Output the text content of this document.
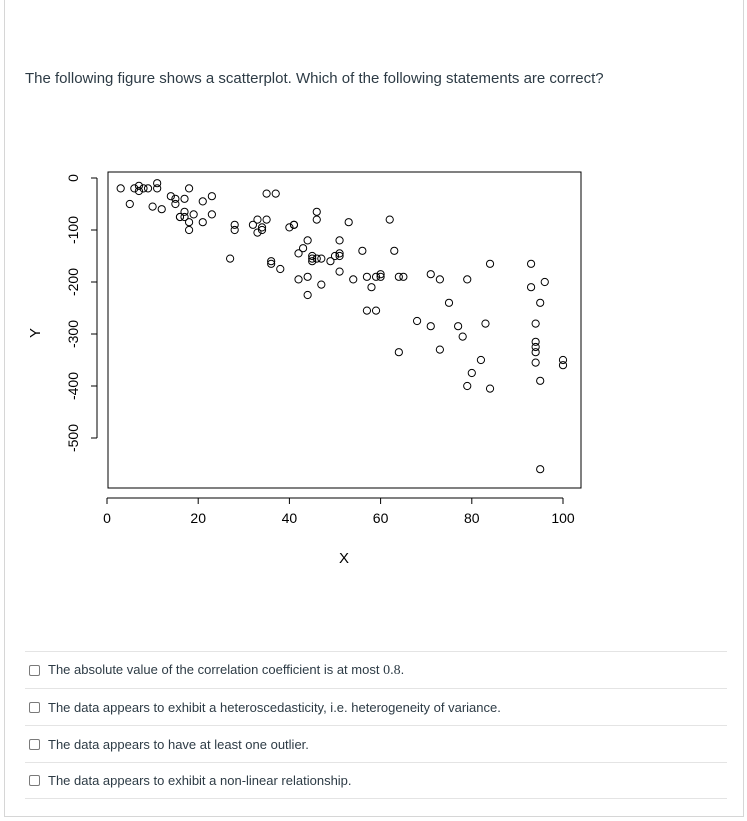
The following figure shows a scatterplot. Which of the following statements are correct?
0	20	40	60	80	100
0
-100
-200
-300
-400
-500
X
Y
The absolute value of the correlation coefficient is at most 0.8.
The data appears to exhibit a heteroscedasticity, i.e. heterogeneity of variance.
The data appears to have at least one outlier.
The data appears to exhibit a non-linear relationship.
